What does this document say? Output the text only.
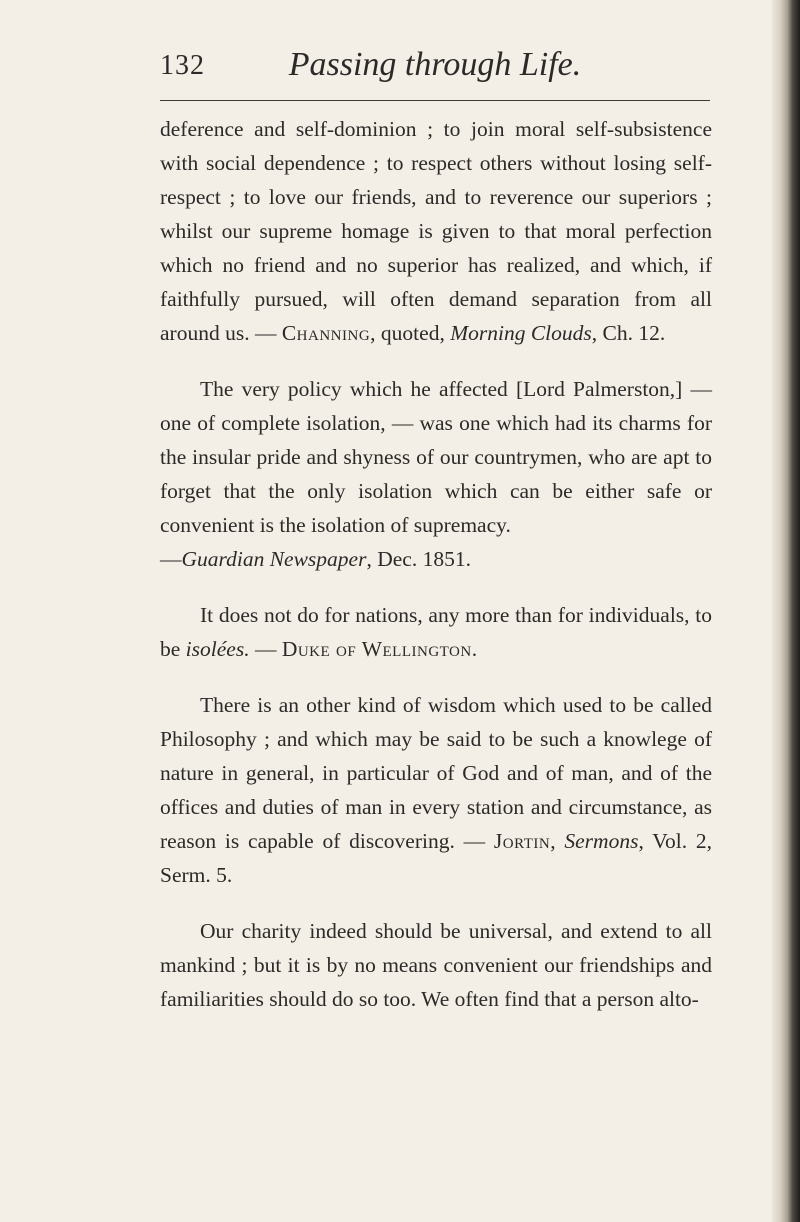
132	Passing through Life.

deference and self-dominion ; to join moral self-subsistence with social dependence ; to respect others without losing self-respect ; to love our friends, and to reverence our superiors ; whilst our supreme homage is given to that moral perfection which no friend and no superior has realized, and which, if faithfully pursued, will often demand separation from all around us. — Channing, quoted, Morning Clouds, Ch. 12.

The very policy which he affected [Lord Palmerston,] — one of complete isolation, — was one which had its charms for the insular pride and shyness of our countrymen, who are apt to forget that the only isolation which can be either safe or convenient is the isolation of supremacy.

—Guardian Newspaper, Dec. 1851.

It does not do for nations, any more than for individuals, to be isolées. — Duke of Wellington.

There is an other kind of wisdom which used to be called Philosophy ; and which may be said to be such a knowlege of nature in general, in particular of God and of man, and of the offices and duties of man in every station and circumstance, as reason is capable of discovering. — Jortin, Sermons, Vol. 2, Serm. 5.

Our charity indeed should be universal, and extend to all mankind ; but it is by no means convenient our friendships and familiarities should do so too. We often find that a person alto-
